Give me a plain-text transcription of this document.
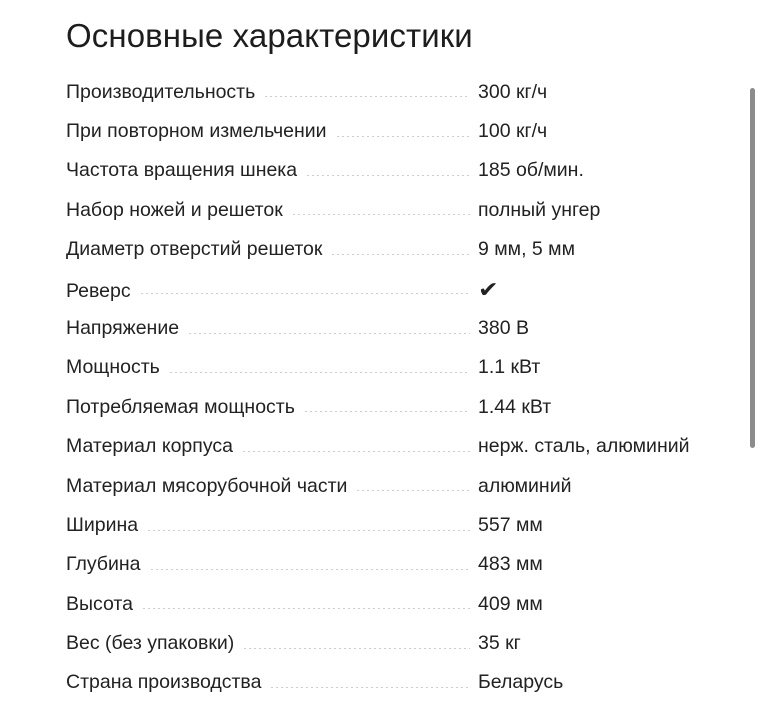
Основные характеристики
Производительность	300 кг/ч
При повторном измельчении	100 кг/ч
Частота вращения шнека	185 об/мин.
Набор ножей и решеток	полный унгер
Диаметр отверстий решеток	9 мм, 5 мм
Реверс	✔
Напряжение	380 В
Мощность	1.1 кВт
Потребляемая мощность	1.44 кВт
Материал корпуса	нерж. сталь, алюминий
Материал мясорубочной части	алюминий
Ширина	557 мм
Глубина	483 мм
Высота	409 мм
Вес (без упаковки)	35 кг
Страна производства	Беларусь
